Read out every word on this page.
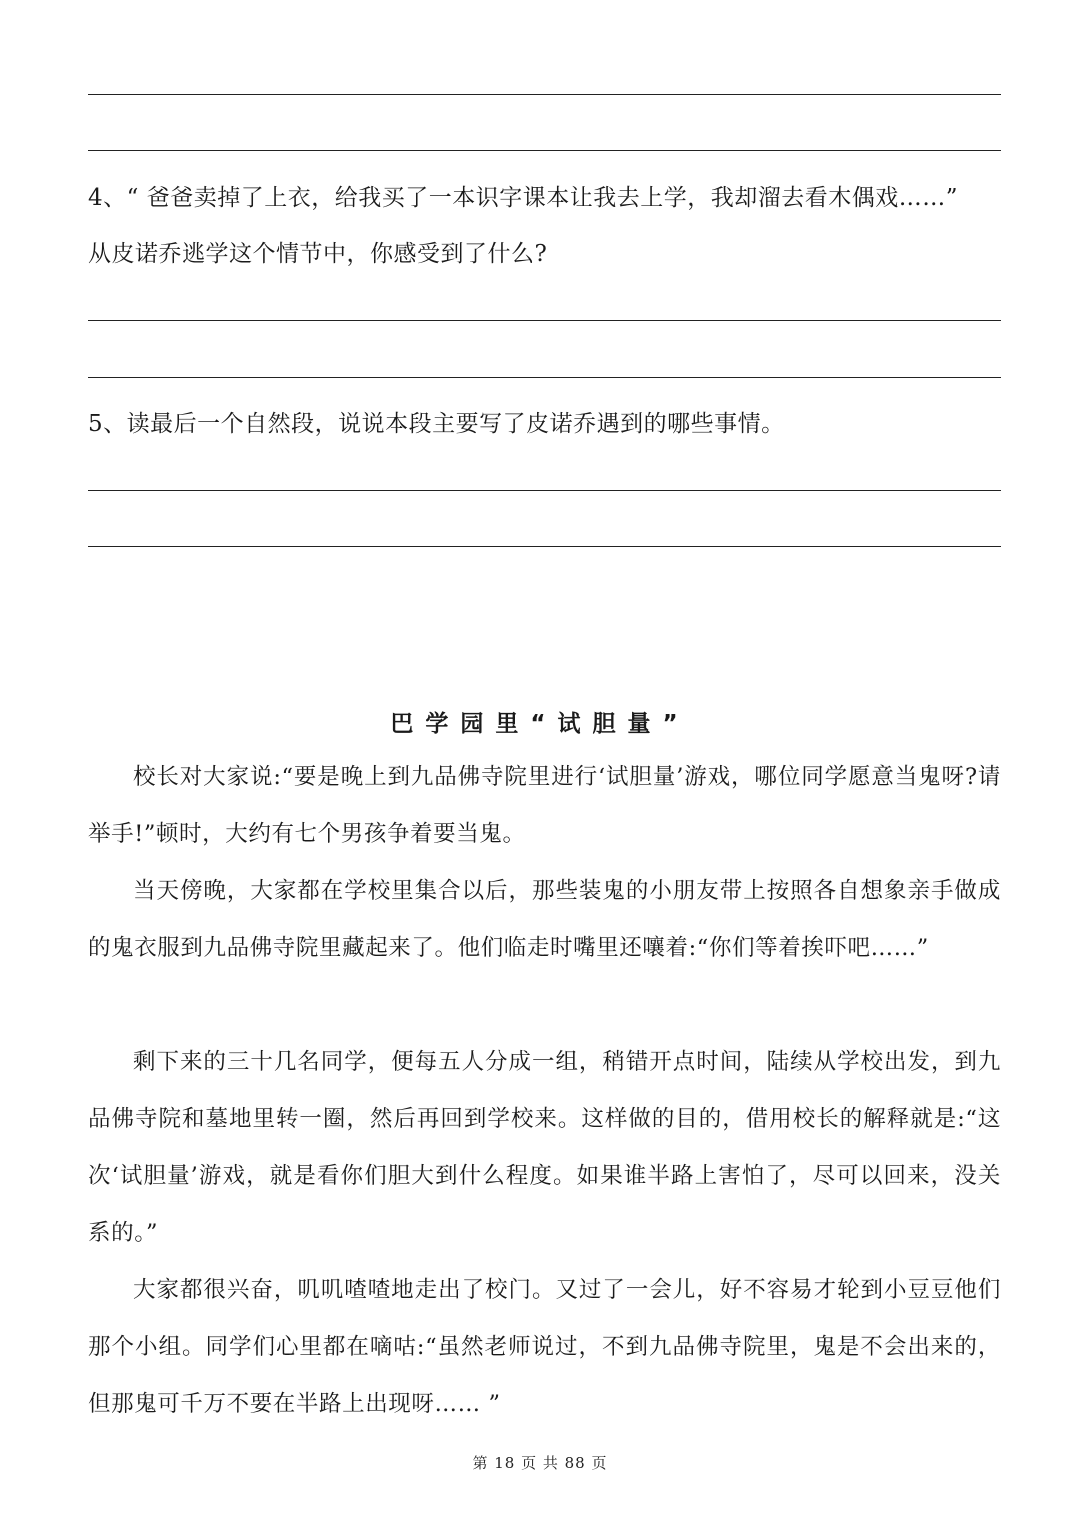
4、“ 爸爸卖掉了上衣，给我买了一本识字课本让我去上学，我却溜去看木偶戏……”
从皮诺乔逃学这个情节中，你感受到了什么?
5、读最后一个自然段，说说本段主要写了皮诺乔遇到的哪些事情。
巴学园里“试胆量”

校长对大家说:“要是晚上到九品佛寺院里进行‘试胆量’游戏，哪位同学愿意当鬼呀?请举手!”顿时，大约有七个男孩争着要当鬼。

当天傍晚，大家都在学校里集合以后，那些装鬼的小朋友带上按照各自想象亲手做成的鬼衣服到九品佛寺院里藏起来了。他们临走时嘴里还嚷着:“你们等着挨吓吧……”

剩下来的三十几名同学，便每五人分成一组，稍错开点时间，陆续从学校出发，到九品佛寺院和墓地里转一圈，然后再回到学校来。这样做的目的，借用校长的解释就是:“这次‘试胆量’游戏，就是看你们胆大到什么程度。如果谁半路上害怕了，尽可以回来，没关系的。”

大家都很兴奋，叽叽喳喳地走出了校门。又过了一会儿，好不容易才轮到小豆豆他们那个小组。同学们心里都在嘀咕:“虽然老师说过，不到九品佛寺院里，鬼是不会出来的，但那鬼可千万不要在半路上出现呀…… ”

第 18 页 共 88 页
